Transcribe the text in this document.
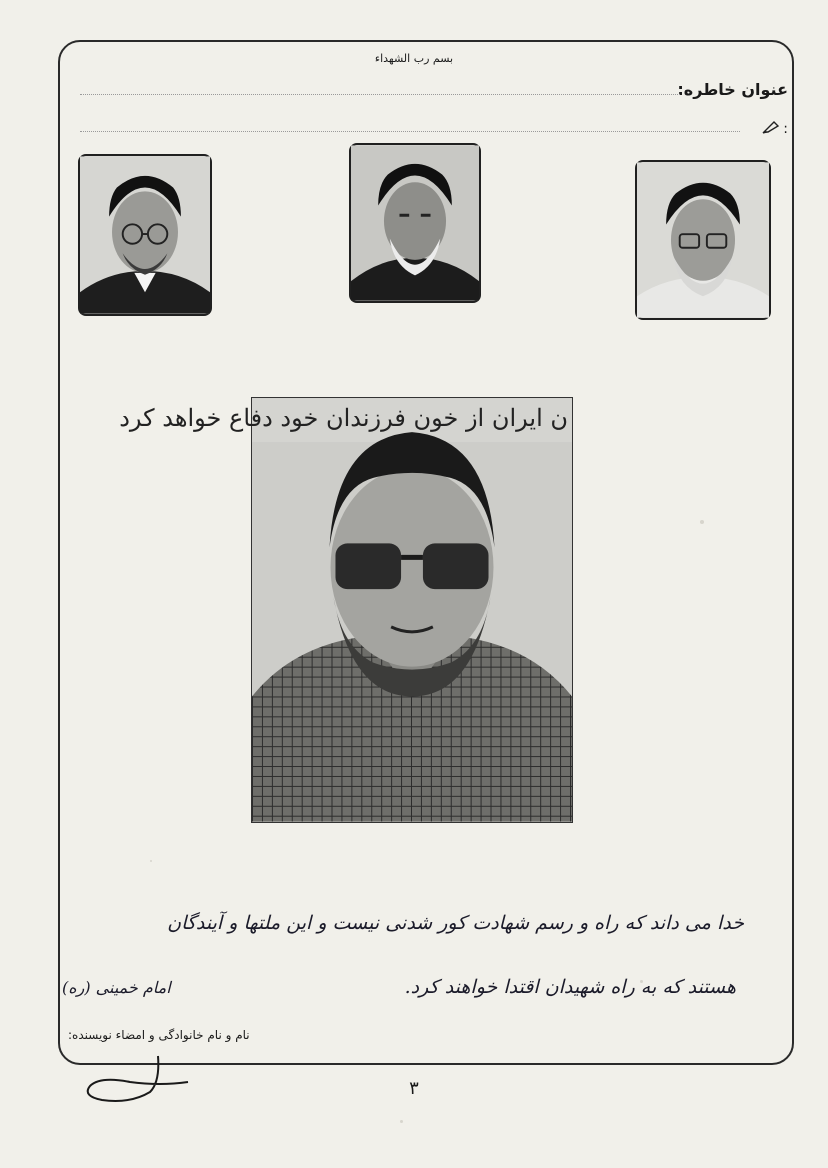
بسم رب الشهداء
عنوان خاطره:
:
ن ایران از خون فرزندان خود دفاع خواهد کرد
خدا می داند که راه و رسم شهادت کور شدنی نیست و این ملتها و آیندگان
هستند که به راه شهیدان اقتدا خواهند کرد.
امام خمینی (ره)
نام و نام خانوادگی و امضاء نویسنده:
۳
